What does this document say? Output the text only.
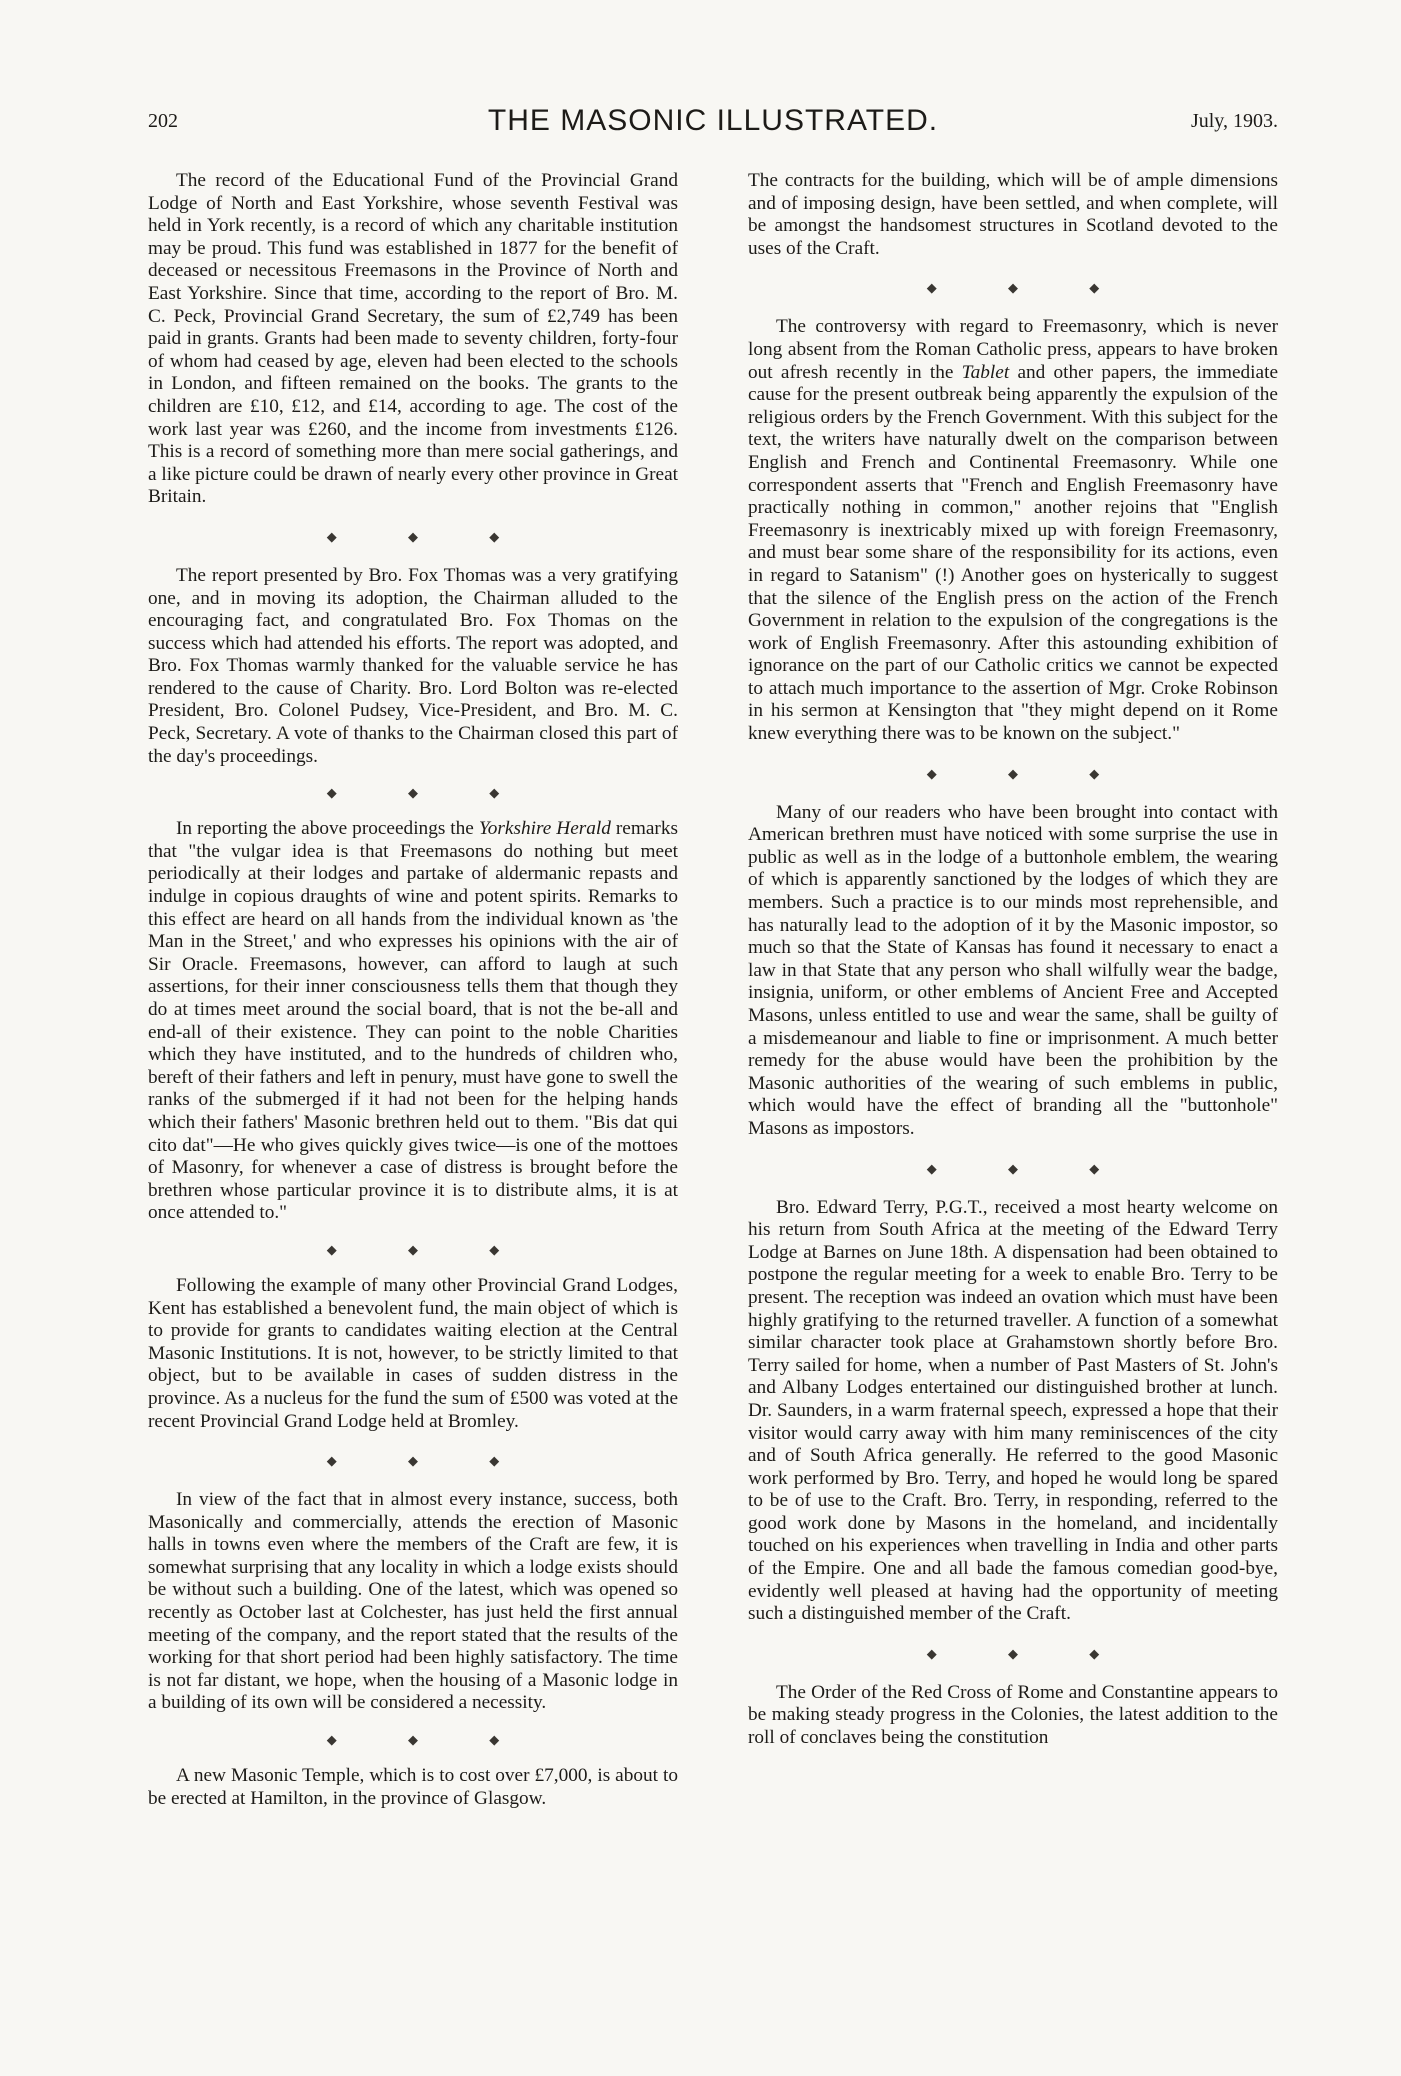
202	THE MASONIC ILLUSTRATED.	July, 1903.

The record of the Educational Fund of the Provincial Grand Lodge of North and East Yorkshire, whose seventh Festival was held in York recently, is a record of which any charitable institution may be proud. This fund was established in 1877 for the benefit of deceased or necessitous Freemasons in the Province of North and East Yorkshire. Since that time, according to the report of Bro. M. C. Peck, Provincial Grand Secretary, the sum of £2,749 has been paid in grants. Grants had been made to seventy children, forty-four of whom had ceased by age, eleven had been elected to the schools in London, and fifteen remained on the books. The grants to the children are £10, £12, and £14, according to age. The cost of the work last year was £260, and the income from investments £126. This is a record of something more than mere social gatherings, and a like picture could be drawn of nearly every other province in Great Britain.

◆ ◆ ◆

The report presented by Bro. Fox Thomas was a very gratifying one, and in moving its adoption, the Chairman alluded to the encouraging fact, and congratulated Bro. Fox Thomas on the success which had attended his efforts. The report was adopted, and Bro. Fox Thomas warmly thanked for the valuable service he has rendered to the cause of Charity. Bro. Lord Bolton was re-elected President, Bro. Colonel Pudsey, Vice-President, and Bro. M. C. Peck, Secretary. A vote of thanks to the Chairman closed this part of the day's proceedings.

◆ ◆ ◆

In reporting the above proceedings the Yorkshire Herald remarks that "the vulgar idea is that Freemasons do nothing but meet periodically at their lodges and partake of aldermanic repasts and indulge in copious draughts of wine and potent spirits. Remarks to this effect are heard on all hands from the individual known as 'the Man in the Street,' and who expresses his opinions with the air of Sir Oracle. Freemasons, however, can afford to laugh at such assertions, for their inner consciousness tells them that though they do at times meet around the social board, that is not the be-all and end-all of their existence. They can point to the noble Charities which they have instituted, and to the hundreds of children who, bereft of their fathers and left in penury, must have gone to swell the ranks of the submerged if it had not been for the helping hands which their fathers' Masonic brethren held out to them. "Bis dat qui cito dat"—He who gives quickly gives twice—is one of the mottoes of Masonry, for whenever a case of distress is brought before the brethren whose particular province it is to distribute alms, it is at once attended to."

◆ ◆ ◆

Following the example of many other Provincial Grand Lodges, Kent has established a benevolent fund, the main object of which is to provide for grants to candidates waiting election at the Central Masonic Institutions. It is not, however, to be strictly limited to that object, but to be available in cases of sudden distress in the province. As a nucleus for the fund the sum of £500 was voted at the recent Provincial Grand Lodge held at Bromley.

◆ ◆ ◆

In view of the fact that in almost every instance, success, both Masonically and commercially, attends the erection of Masonic halls in towns even where the members of the Craft are few, it is somewhat surprising that any locality in which a lodge exists should be without such a building. One of the latest, which was opened so recently as October last at Colchester, has just held the first annual meeting of the company, and the report stated that the results of the working for that short period had been highly satisfactory. The time is not far distant, we hope, when the housing of a Masonic lodge in a building of its own will be considered a necessity.

◆ ◆ ◆

A new Masonic Temple, which is to cost over £7,000, is about to be erected at Hamilton, in the province of Glasgow.

The contracts for the building, which will be of ample dimensions and of imposing design, have been settled, and when complete, will be amongst the handsomest structures in Scotland devoted to the uses of the Craft.

◆ ◆ ◆

The controversy with regard to Freemasonry, which is never long absent from the Roman Catholic press, appears to have broken out afresh recently in the Tablet and other papers, the immediate cause for the present outbreak being apparently the expulsion of the religious orders by the French Government. With this subject for the text, the writers have naturally dwelt on the comparison between English and French and Continental Freemasonry. While one correspondent asserts that "French and English Freemasonry have practically nothing in common," another rejoins that "English Freemasonry is inextricably mixed up with foreign Freemasonry, and must bear some share of the responsibility for its actions, even in regard to Satanism" (!) Another goes on hysterically to suggest that the silence of the English press on the action of the French Government in relation to the expulsion of the congregations is the work of English Freemasonry. After this astounding exhibition of ignorance on the part of our Catholic critics we cannot be expected to attach much importance to the assertion of Mgr. Croke Robinson in his sermon at Kensington that "they might depend on it Rome knew everything there was to be known on the subject."

◆ ◆ ◆

Many of our readers who have been brought into contact with American brethren must have noticed with some surprise the use in public as well as in the lodge of a buttonhole emblem, the wearing of which is apparently sanctioned by the lodges of which they are members. Such a practice is to our minds most reprehensible, and has naturally lead to the adoption of it by the Masonic impostor, so much so that the State of Kansas has found it necessary to enact a law in that State that any person who shall wilfully wear the badge, insignia, uniform, or other emblems of Ancient Free and Accepted Masons, unless entitled to use and wear the same, shall be guilty of a misdemeanour and liable to fine or imprisonment. A much better remedy for the abuse would have been the prohibition by the Masonic authorities of the wearing of such emblems in public, which would have the effect of branding all the "buttonhole" Masons as impostors.

◆ ◆ ◆

Bro. Edward Terry, P.G.T., received a most hearty welcome on his return from South Africa at the meeting of the Edward Terry Lodge at Barnes on June 18th. A dispensation had been obtained to postpone the regular meeting for a week to enable Bro. Terry to be present. The reception was indeed an ovation which must have been highly gratifying to the returned traveller. A function of a somewhat similar character took place at Grahamstown shortly before Bro. Terry sailed for home, when a number of Past Masters of St. John's and Albany Lodges entertained our distinguished brother at lunch. Dr. Saunders, in a warm fraternal speech, expressed a hope that their visitor would carry away with him many reminiscences of the city and of South Africa generally. He referred to the good Masonic work performed by Bro. Terry, and hoped he would long be spared to be of use to the Craft. Bro. Terry, in responding, referred to the good work done by Masons in the homeland, and incidentally touched on his experiences when travelling in India and other parts of the Empire. One and all bade the famous comedian good-bye, evidently well pleased at having had the opportunity of meeting such a distinguished member of the Craft.

◆ ◆ ◆

The Order of the Red Cross of Rome and Constantine appears to be making steady progress in the Colonies, the latest addition to the roll of conclaves being the constitution
